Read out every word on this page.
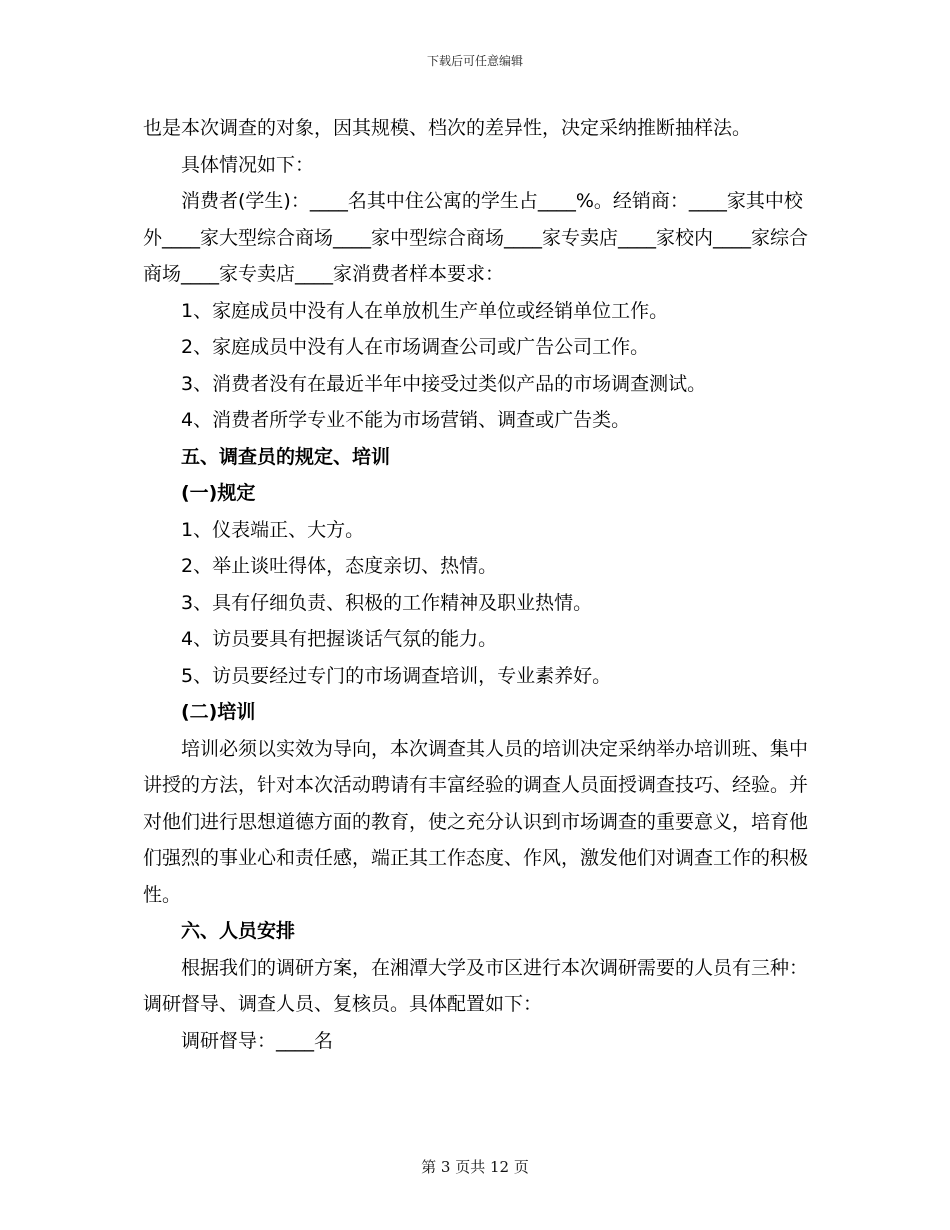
下载后可任意编辑

也是本次调查的对象，因其规模、档次的差异性，决定采纳推断抽样法。

具体情况如下：

消费者(学生)：____名其中住公寓的学生占____%。经销商：____家其中校外____家大型综合商场____家中型综合商场____家专卖店____家校内____家综合商场____家专卖店____家消费者样本要求：

1、家庭成员中没有人在单放机生产单位或经销单位工作。

2、家庭成员中没有人在市场调查公司或广告公司工作。

3、消费者没有在最近半年中接受过类似产品的市场调查测试。

4、消费者所学专业不能为市场营销、调查或广告类。

五、调查员的规定、培训

(一)规定

1、仪表端正、大方。

2、举止谈吐得体，态度亲切、热情。

3、具有仔细负责、积极的工作精神及职业热情。

4、访员要具有把握谈话气氛的能力。

5、访员要经过专门的市场调查培训，专业素养好。

(二)培训

培训必须以实效为导向，本次调查其人员的培训决定采纳举办培训班、集中讲授的方法，针对本次活动聘请有丰富经验的调查人员面授调查技巧、经验。并对他们进行思想道德方面的教育，使之充分认识到市场调查的重要意义，培育他们强烈的事业心和责任感，端正其工作态度、作风，激发他们对调查工作的积极性。

六、人员安排

根据我们的调研方案，在湘潭大学及市区进行本次调研需要的人员有三种：调研督导、调查人员、复核员。具体配置如下：

调研督导：____名

第 3 页共 12 页
